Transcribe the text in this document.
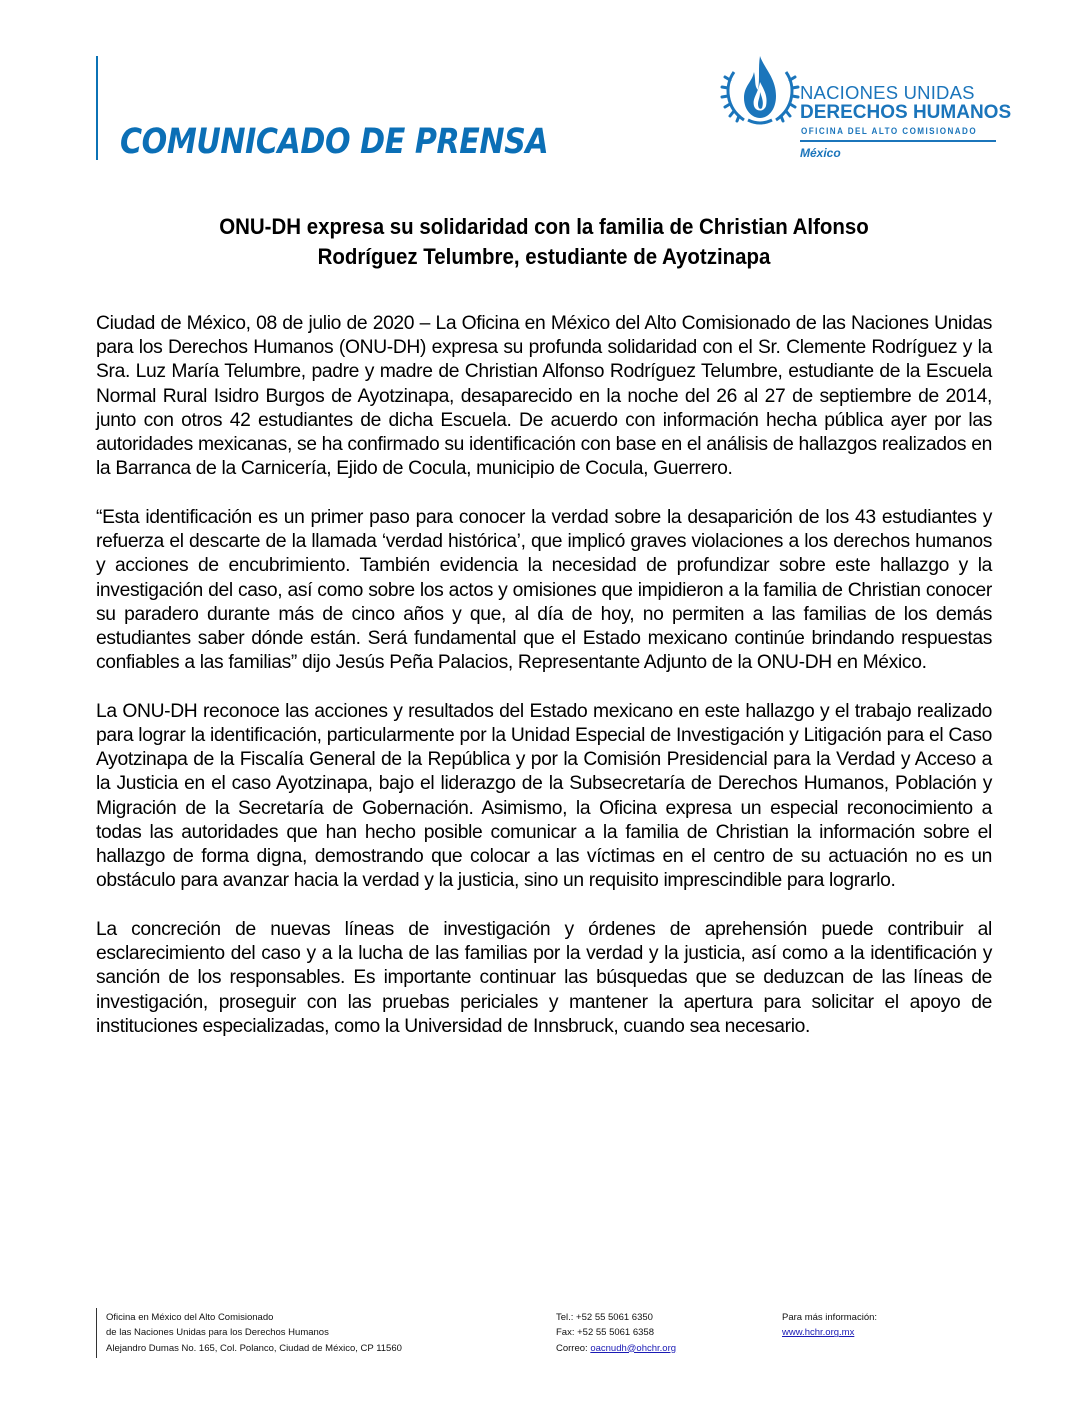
COMUNICADO DE PRENSA
NACIONES UNIDAS
DERECHOS HUMANOS
OFICINA DEL ALTO COMISIONADO
México
ONU-DH expresa su solidaridad con la familia de Christian Alfonso
Rodríguez Telumbre, estudiante de Ayotzinapa

Ciudad de México, 08 de julio de 2020 – La Oficina en México del Alto Comisionado de las Naciones Unidas para los Derechos Humanos (ONU-DH) expresa su profunda solidaridad con el Sr. Clemente Rodríguez y la Sra. Luz María Telumbre, padre y madre de Christian Alfonso Rodríguez Telumbre, estudiante de la Escuela Normal Rural Isidro Burgos de Ayotzinapa, desaparecido en la noche del 26 al 27 de septiembre de 2014, junto con otros 42 estudiantes de dicha Escuela. De acuerdo con información hecha pública ayer por las autoridades mexicanas, se ha confirmado su identificación con base en el análisis de hallazgos realizados en la Barranca de la Carnicería, Ejido de Cocula, municipio de Cocula, Guerrero.

“Esta identificación es un primer paso para conocer la verdad sobre la desaparición de los 43 estudiantes y refuerza el descarte de la llamada ‘verdad histórica’, que implicó graves violaciones a los derechos humanos y acciones de encubrimiento. También evidencia la necesidad de profundizar sobre este hallazgo y la investigación del caso, así como sobre los actos y omisiones que impidieron a la familia de Christian conocer su paradero durante más de cinco años y que, al día de hoy, no permiten a las familias de los demás estudiantes saber dónde están. Será fundamental que el Estado mexicano continúe brindando respuestas confiables a las familias” dijo Jesús Peña Palacios, Representante Adjunto de la ONU-DH en México.

La ONU-DH reconoce las acciones y resultados del Estado mexicano en este hallazgo y el trabajo realizado para lograr la identificación, particularmente por la Unidad Especial de Investigación y Litigación para el Caso Ayotzinapa de la Fiscalía General de la República y por la Comisión Presidencial para la Verdad y Acceso a la Justicia en el caso Ayotzinapa, bajo el liderazgo de la Subsecretaría de Derechos Humanos, Población y Migración de la Secretaría de Gobernación. Asimismo, la Oficina expresa un especial reconocimiento a todas las autoridades que han hecho posible comunicar a la familia de Christian la información sobre el hallazgo de forma digna, demostrando que colocar a las víctimas en el centro de su actuación no es un obstáculo para avanzar hacia la verdad y la justicia, sino un requisito imprescindible para lograrlo.

La concreción de nuevas líneas de investigación y órdenes de aprehensión puede contribuir al esclarecimiento del caso y a la lucha de las familias por la verdad y la justicia, así como a la identificación y sanción de los responsables. Es importante continuar las búsquedas que se deduzcan de las líneas de investigación, proseguir con las pruebas periciales y mantener la apertura para solicitar el apoyo de instituciones especializadas, como la Universidad de Innsbruck, cuando sea necesario.

Oficina en México del Alto Comisionado
de las Naciones Unidas para los Derechos Humanos
Alejandro Dumas No. 165, Col. Polanco, Ciudad de México, CP 11560
Tel.: +52 55 5061 6350
Fax: +52 55 5061 6358
Correo: oacnudh@ohchr.org
Para más información:
www.hchr.org.mx
